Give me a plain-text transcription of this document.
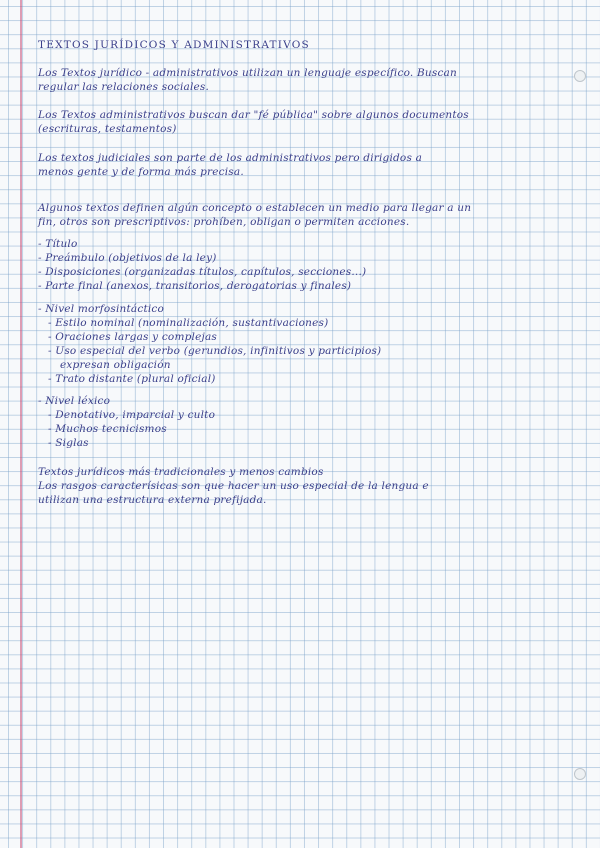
TEXTOS JURÍDICOS Y ADMINISTRATIVOS
Los Textos jurídico - administrativos utilizan un lenguaje específico. Buscan
regular las relaciones sociales.
Los Textos administrativos buscan dar "fé pública" sobre algunos documentos
(escrituras, testamentos)
Los textos judiciales son parte de los administrativos pero dirigidos a
menos gente y de forma más precisa.
Algunos textos definen algún concepto o establecen un medio para llegar a un
fin, otros son prescriptivos: prohíben, obligan o permiten acciones.
- Título
- Preámbulo (objetivos de la ley)
- Disposiciones (organizadas títulos, capítulos, secciones...)
- Parte final (anexos, transitorios, derogatorias y finales)
- Nivel morfosintáctico
- Estilo nominal (nominalización, sustantivaciones)
- Oraciones largas y complejas
- Uso especial del verbo (gerundios, infinitivos y participios)
expresan obligación
- Trato distante (plural oficial)
- Nivel léxico
- Denotativo, imparcial y culto
- Muchos tecnicismos
- Siglas
Textos jurídicos más tradicionales y menos cambios
Los rasgos caracterísicas son que hacer un uso especial de la lengua e
utilizan una estructura externa prefijada.
